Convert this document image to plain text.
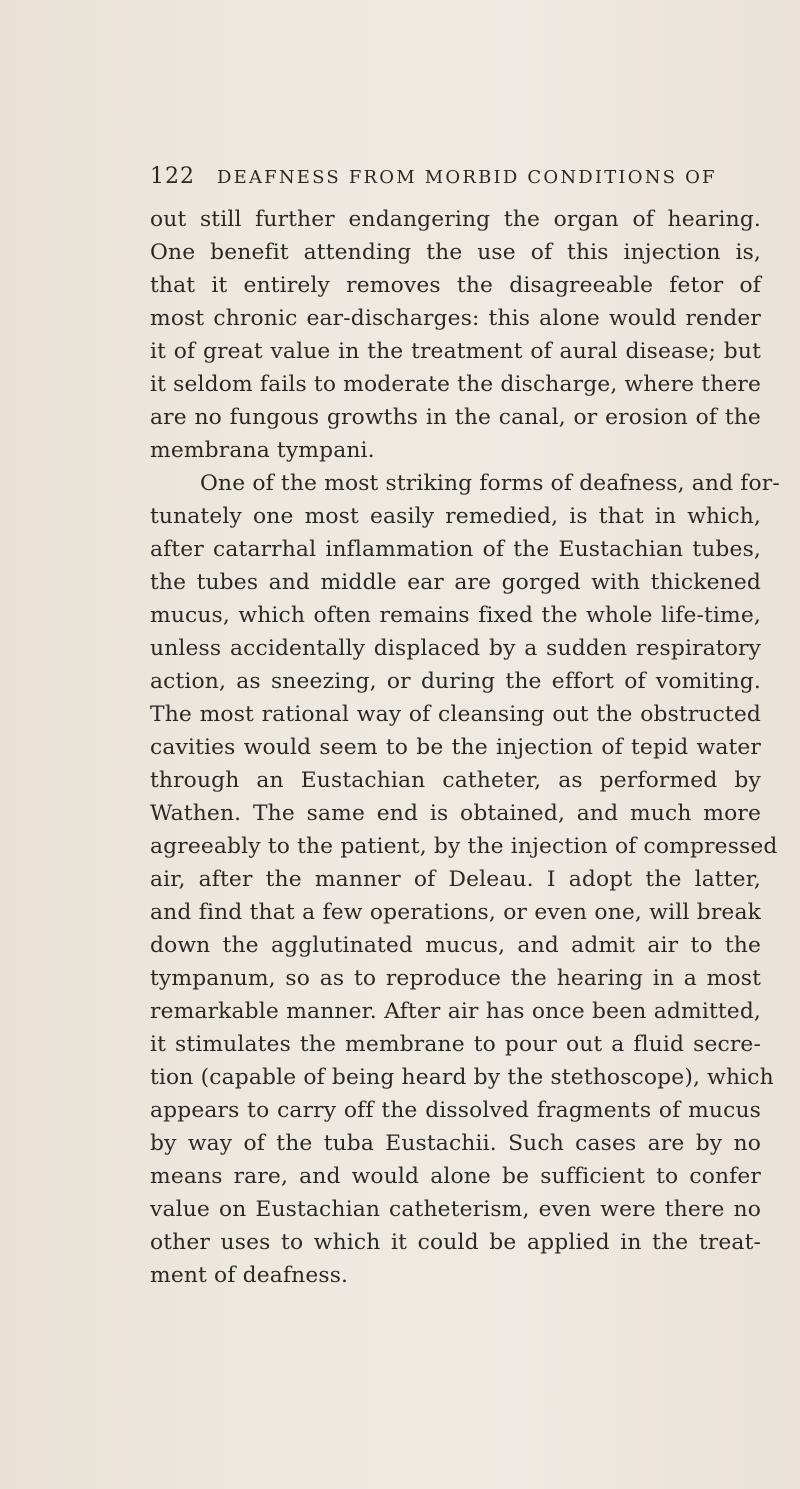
122 DEAFNESS FROM MORBID CONDITIONS OF
out still further endangering the organ of hearing.
One benefit attending the use of this injection is,
that it entirely removes the disagreeable fetor of
most chronic ear-discharges: this alone would render
it of great value in the treatment of aural disease; but
it seldom fails to moderate the discharge, where there
are no fungous growths in the canal, or erosion of the
membrana tympani.
One of the most striking forms of deafness, and for-
tunately one most easily remedied, is that in which,
after catarrhal inflammation of the Eustachian tubes,
the tubes and middle ear are gorged with thickened
mucus, which often remains fixed the whole life-time,
unless accidentally displaced by a sudden respiratory
action, as sneezing, or during the effort of vomiting.
The most rational way of cleansing out the obstructed
cavities would seem to be the injection of tepid water
through an Eustachian catheter, as performed by
Wathen. The same end is obtained, and much more
agreeably to the patient, by the injection of compressed
air, after the manner of Deleau. I adopt the latter,
and find that a few operations, or even one, will break
down the agglutinated mucus, and admit air to the
tympanum, so as to reproduce the hearing in a most
remarkable manner. After air has once been admitted,
it stimulates the membrane to pour out a fluid secre-
tion (capable of being heard by the stethoscope), which
appears to carry off the dissolved fragments of mucus
by way of the tuba Eustachii. Such cases are by no
means rare, and would alone be sufficient to confer
value on Eustachian catheterism, even were there no
other uses to which it could be applied in the treat-
ment of deafness.
